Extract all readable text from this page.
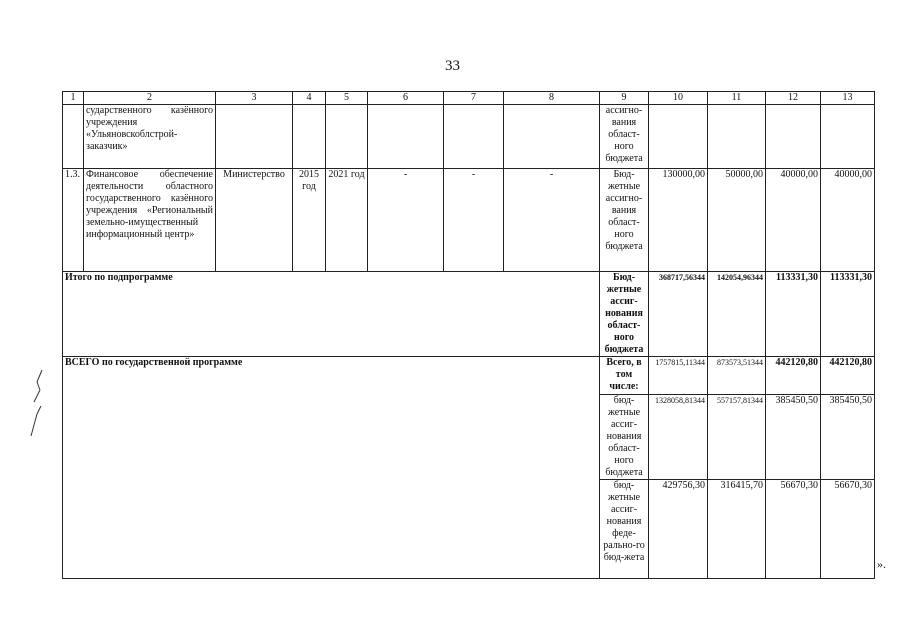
33
1	2	3	4	5	6	7	8	9	10	11	12	13
	сударственного казённого учреждения «Ульяновскоблстрой-заказчик»							ассигно-вания област-ного бюджета				
1.3.	Финансовое обеспечение деятельности областного государственного казённого учреждения «Региональный земельно-имущественный информационный центр»	Министерство	2015 год	2021 год	-	-	-	Бюд-жетные ассигно-вания област-ного бюджета	130000,00	50000,00	40000,00	40000,00
Итого по подпрограмме								Бюд-жетные ассиг-нования област-ного бюджета	368717,56344	142054,96344	113331,30	113331,30
ВСЕГО по государственной программе								Всего, в том числе:	1757815,11344	873573,51344	442120,80	442120,80
								бюд-жетные ассиг-нования област-ного бюджета	1328058,81344	557157,81344	385450,50	385450,50
								бюд-жетные ассиг-нования феде-рально-го бюд-жета	429756,30	316415,70	56670,30	56670,30
».
